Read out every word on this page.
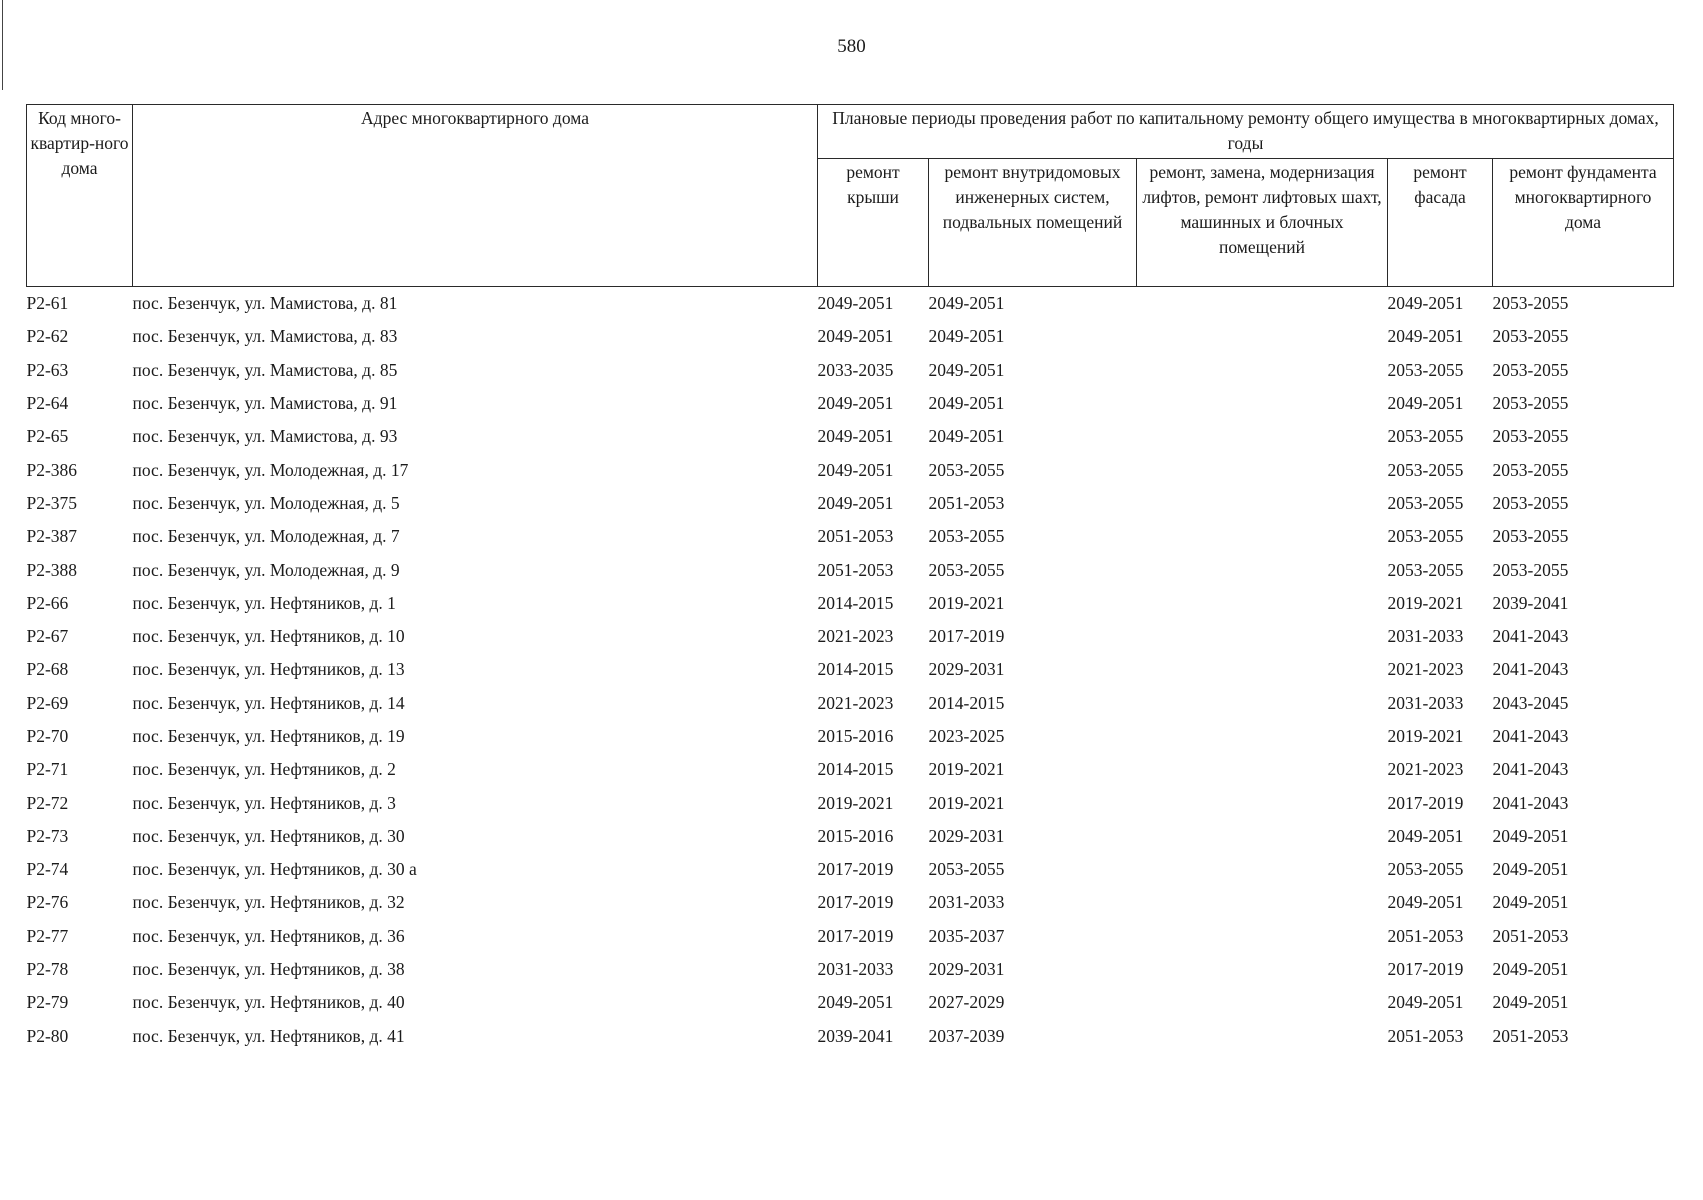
580
Код много-квартир-ного дома	Адрес многоквартирного дома	Плановые периоды проведения работ по капитальному ремонту общего имущества в многоквартирных домах, годы				
		ремонт крыши	ремонт внутридомовых инженерных систем, подвальных помещений	ремонт, замена, модернизация лифтов, ремонт лифтовых шахт, машинных и блочных помещений	ремонт фасада	ремонт фундамента многоквартирного дома
Р2-61	пос. Безенчук, ул. Мамистова, д. 81	2049-2051	2049-2051		2049-2051	2053-2055
Р2-62	пос. Безенчук, ул. Мамистова, д. 83	2049-2051	2049-2051		2049-2051	2053-2055
Р2-63	пос. Безенчук, ул. Мамистова, д. 85	2033-2035	2049-2051		2053-2055	2053-2055
Р2-64	пос. Безенчук, ул. Мамистова, д. 91	2049-2051	2049-2051		2049-2051	2053-2055
Р2-65	пос. Безенчук, ул. Мамистова, д. 93	2049-2051	2049-2051		2053-2055	2053-2055
Р2-386	пос. Безенчук, ул. Молодежная, д. 17	2049-2051	2053-2055		2053-2055	2053-2055
Р2-375	пос. Безенчук, ул. Молодежная, д. 5	2049-2051	2051-2053		2053-2055	2053-2055
Р2-387	пос. Безенчук, ул. Молодежная, д. 7	2051-2053	2053-2055		2053-2055	2053-2055
Р2-388	пос. Безенчук, ул. Молодежная, д. 9	2051-2053	2053-2055		2053-2055	2053-2055
Р2-66	пос. Безенчук, ул. Нефтяников, д. 1	2014-2015	2019-2021		2019-2021	2039-2041
Р2-67	пос. Безенчук, ул. Нефтяников, д. 10	2021-2023	2017-2019		2031-2033	2041-2043
Р2-68	пос. Безенчук, ул. Нефтяников, д. 13	2014-2015	2029-2031		2021-2023	2041-2043
Р2-69	пос. Безенчук, ул. Нефтяников, д. 14	2021-2023	2014-2015		2031-2033	2043-2045
Р2-70	пос. Безенчук, ул. Нефтяников, д. 19	2015-2016	2023-2025		2019-2021	2041-2043
Р2-71	пос. Безенчук, ул. Нефтяников, д. 2	2014-2015	2019-2021		2021-2023	2041-2043
Р2-72	пос. Безенчук, ул. Нефтяников, д. 3	2019-2021	2019-2021		2017-2019	2041-2043
Р2-73	пос. Безенчук, ул. Нефтяников, д. 30	2015-2016	2029-2031		2049-2051	2049-2051
Р2-74	пос. Безенчук, ул. Нефтяников, д. 30 а	2017-2019	2053-2055		2053-2055	2049-2051
Р2-76	пос. Безенчук, ул. Нефтяников, д. 32	2017-2019	2031-2033		2049-2051	2049-2051
Р2-77	пос. Безенчук, ул. Нефтяников, д. 36	2017-2019	2035-2037		2051-2053	2051-2053
Р2-78	пос. Безенчук, ул. Нефтяников, д. 38	2031-2033	2029-2031		2017-2019	2049-2051
Р2-79	пос. Безенчук, ул. Нефтяников, д. 40	2049-2051	2027-2029		2049-2051	2049-2051
Р2-80	пос. Безенчук, ул. Нефтяников, д. 41	2039-2041	2037-2039		2051-2053	2051-2053
